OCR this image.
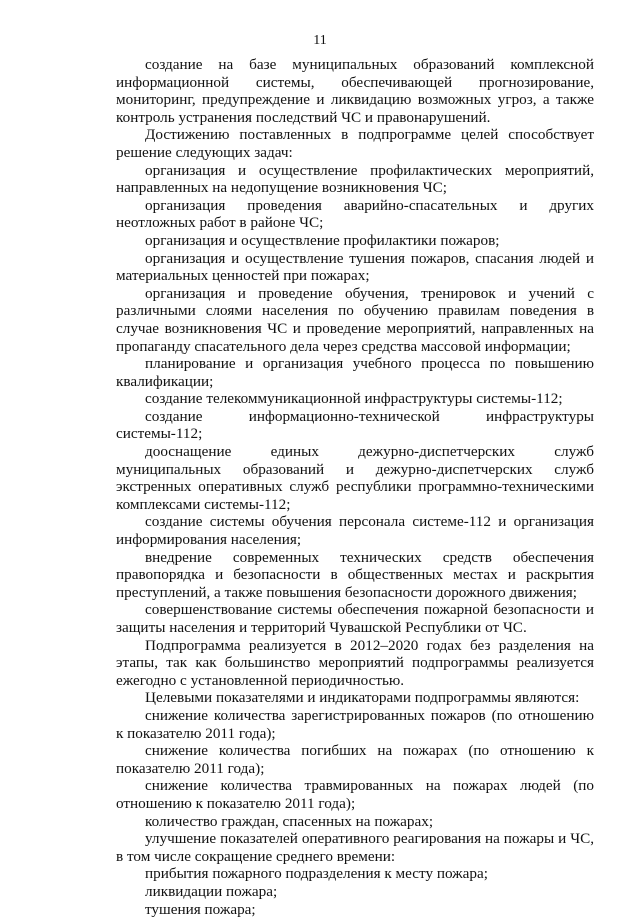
11

создание на базе муниципальных образований комплексной информационной системы, обеспечивающей прогнозирование, мониторинг, предупреждение и ликвидацию возможных угроз, а также контроль устранения последствий ЧС и правонарушений.

Достижению поставленных в подпрограмме целей способствует решение следующих задач:

организация и осуществление профилактических мероприятий, направленных на недопущение возникновения ЧС;

организация проведения аварийно-спасательных и других неотложных работ в районе ЧС;

организация и осуществление профилактики пожаров;

организация и осуществление тушения пожаров, спасания людей и материальных ценностей при пожарах;

организация и проведение обучения, тренировок и учений с различными слоями населения по обучению правилам поведения в случае возникновения ЧС и проведение мероприятий, направленных на пропаганду спасательного дела через средства массовой информации;

планирование и организация учебного процесса по повышению квалификации;

создание телекоммуникационной инфраструктуры системы-112;

создание информационно-технической инфраструктуры системы-112;

дооснащение единых дежурно-диспетчерских служб муниципальных образований и дежурно-диспетчерских служб экстренных оперативных служб республики программно-техническими комплексами системы-112;

создание системы обучения персонала системе-112 и организация информирования населения;

внедрение современных технических средств обеспечения правопорядка и безопасности в общественных местах и раскрытия преступлений, а также повышения безопасности дорожного движения;

совершенствование системы обеспечения пожарной безопасности и защиты населения и территорий Чувашской Республики от ЧС.

Подпрограмма реализуется в 2012–2020 годах без разделения на этапы, так как большинство мероприятий подпрограммы реализуется ежегодно с установленной периодичностью.

Целевыми показателями и индикаторами подпрограммы являются:

снижение количества зарегистрированных пожаров (по отношению к показателю 2011 года);

снижение количества погибших на пожарах (по отношению к показателю 2011 года);

снижение количества травмированных на пожарах людей (по отношению к показателю 2011 года);

количество граждан, спасенных на пожарах;

улучшение показателей оперативного реагирования на пожары и ЧС, в том числе сокращение среднего времени:

прибытия пожарного подразделения к месту пожара;

ликвидации пожара;

тушения пожара;
